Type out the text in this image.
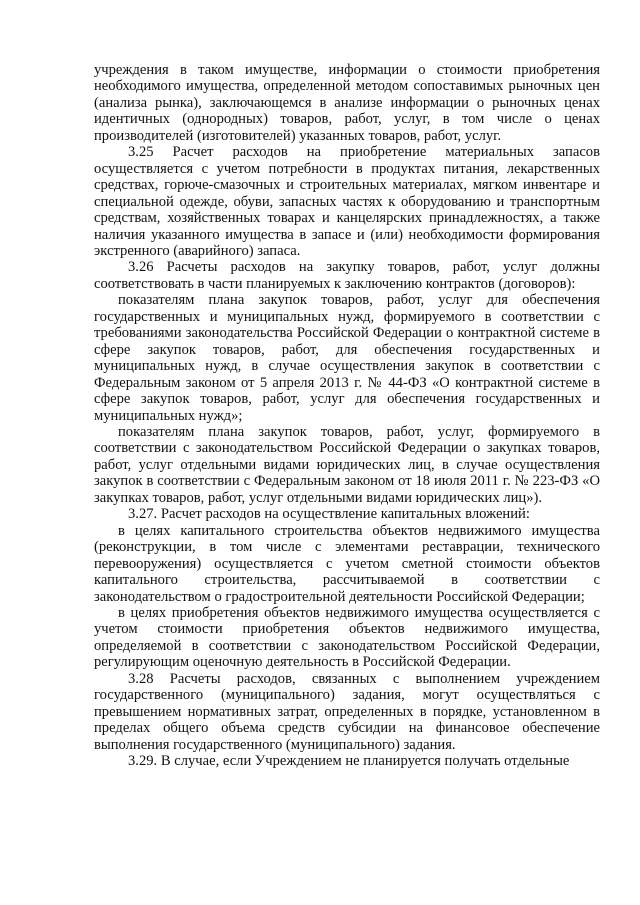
учреждения в таком имуществе, информации о стоимости приобретения необходимого имущества, определенной методом сопоставимых рыночных цен (анализа рынка), заключающемся в анализе информации о рыночных ценах идентичных (однородных) товаров, работ, услуг, в том числе о ценах производителей (изготовителей) указанных товаров, работ, услуг.

3.25 Расчет расходов на приобретение материальных запасов осуществляется с учетом потребности в продуктах питания, лекарственных средствах, горюче-смазочных и строительных материалах, мягком инвентаре и специальной одежде, обуви, запасных частях к оборудованию и транспортным средствам, хозяйственных товарах и канцелярских принадлежностях, а также наличия указанного имущества в запасе и (или) необходимости формирования экстренного (аварийного) запаса.

3.26 Расчеты расходов на закупку товаров, работ, услуг должны соответствовать в части планируемых к заключению контрактов (договоров):

показателям плана закупок товаров, работ, услуг для обеспечения государственных и муниципальных нужд, формируемого в соответствии с требованиями законодательства Российской Федерации о контрактной системе в сфере закупок товаров, работ, для обеспечения государственных и муниципальных нужд, в случае осуществления закупок в соответствии с Федеральным законом от 5 апреля 2013 г. № 44-ФЗ «О контрактной системе в сфере закупок товаров, работ, услуг для обеспечения государственных и муниципальных нужд»;

показателям плана закупок товаров, работ, услуг, формируемого в соответствии с законодательством Российской Федерации о закупках товаров, работ, услуг отдельными видами юридических лиц, в случае осуществления закупок в соответствии с Федеральным законом от 18 июля 2011 г. № 223-ФЗ «О закупках товаров, работ, услуг отдельными видами юридических лиц»).

3.27. Расчет расходов на осуществление капитальных вложений:

в целях капитального строительства объектов недвижимого имущества (реконструкции, в том числе с элементами реставрации, технического перевооружения) осуществляется с учетом сметной стоимости объектов капитального строительства, рассчитываемой в соответствии с законодательством о градостроительной деятельности Российской Федерации;

в целях приобретения объектов недвижимого имущества осуществляется с учетом стоимости приобретения объектов недвижимого имущества, определяемой в соответствии с законодательством Российской Федерации, регулирующим оценочную деятельность в Российской Федерации.

3.28 Расчеты расходов, связанных с выполнением учреждением государственного (муниципального) задания, могут осуществляться с превышением нормативных затрат, определенных в порядке, установленном в пределах общего объема средств субсидии на финансовое обеспечение выполнения государственного (муниципального) задания.

3.29. В случае, если Учреждением не планируется получать отдельные
